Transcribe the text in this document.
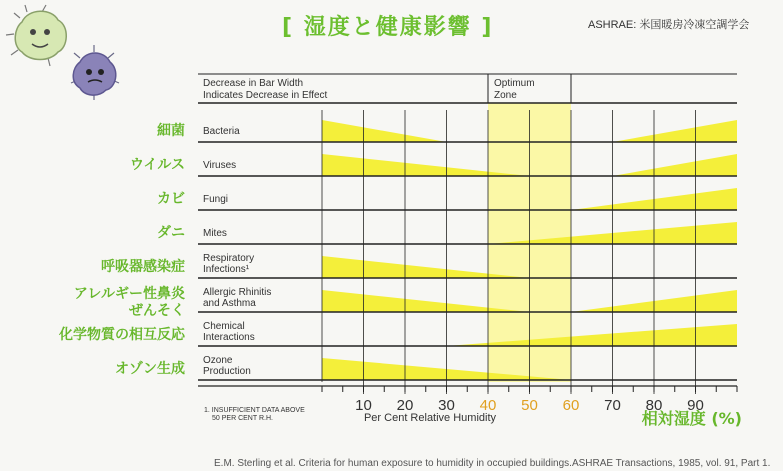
[ 湿度と健康影響 ]	ASHRAE: 米国暖房冷凍空調学会
Bacteria
細菌
Viruses
ウイルス
Fungi
カビ
Mites
ダニ
Respiratory
Infections¹
呼吸器感染症
Allergic Rhinitis
and Asthma
アレルギー性鼻炎
ぜんそく
Chemical
Interactions
化学物質の相互反応
Ozone
Production
オゾン生成
10 20 30 40 50 60 70 80 90
Per Cent Relative Humidity	相対湿度 (%)
1. INSUFFICIENT DATA ABOVE
50 PER CENT R.H.
Decrease in Bar Width
Indicates Decrease in Effect
Optimum
Zone
E.M. Sterling et al. Criteria for human exposure to humidity in occupied buildings.ASHRAE Transactions, 1985, vol. 91, Part 1.
